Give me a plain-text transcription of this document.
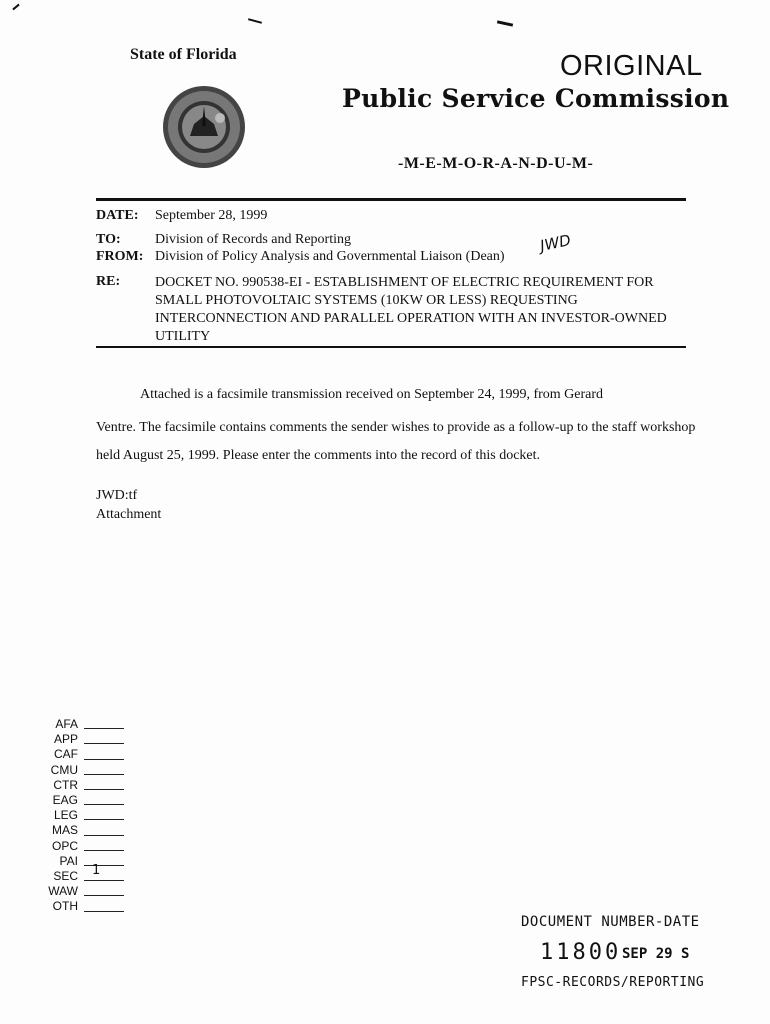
State of Florida	ORIGINAL
Public Service Commission
-M-E-M-O-R-A-N-D-U-M-
DATE: September 28, 1999
TO: Division of Records and Reporting
FROM: Division of Policy Analysis and Governmental Liaison (Dean)
JWD
RE: DOCKET NO. 990538-EI - ESTABLISHMENT OF ELECTRIC REQUIREMENT FOR SMALL PHOTOVOLTAIC SYSTEMS (10KW OR LESS) REQUESTING INTERCONNECTION AND PARALLEL OPERATION WITH AN INVESTOR-OWNED UTILITY
Attached is a facsimile transmission received on September 24, 1999, from Gerard
Ventre. The facsimile contains comments the sender wishes to provide as a follow-up to the staff workshop held August 25, 1999. Please enter the comments into the record of this docket.
JWD:tf
Attachment
AFA
APP
CAF
CMU
CTR
EAG
LEG
MAS
OPC
PAI
SEC
WAW
OTH
1
DOCUMENT NUMBER-DATE
11800 SEP 29 S
FPSC-RECORDS/REPORTING
